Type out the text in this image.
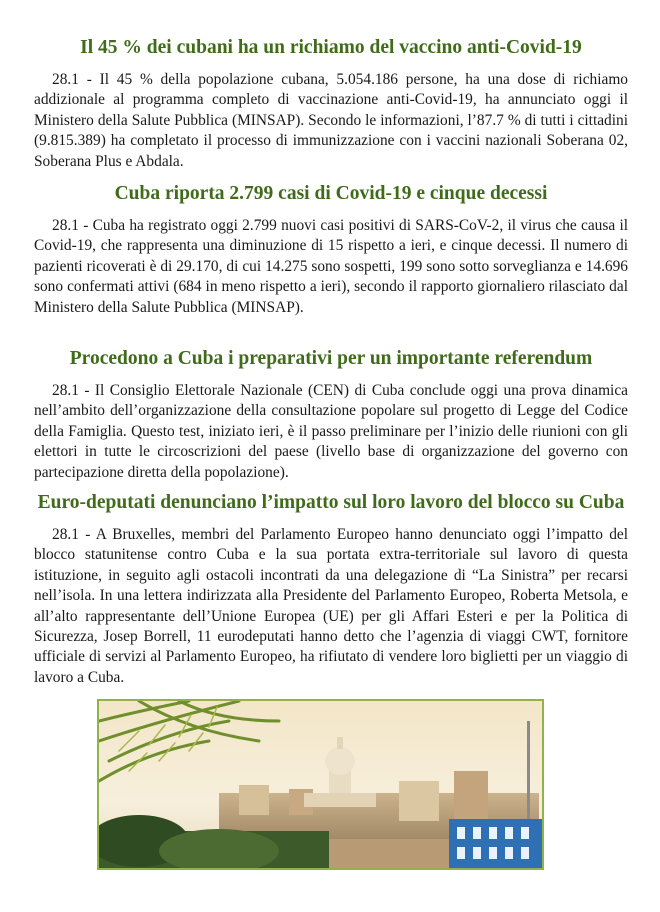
Il 45 % dei cubani ha un richiamo del vaccino anti-Covid-19

28.1 - Il 45 % della popolazione cubana, 5.054.186 persone, ha una dose di richiamo addizionale al programma completo di vaccinazione anti-Covid-19, ha annunciato oggi il Ministero della Salute Pubblica (MINSAP). Secondo le informazioni, l’87.7 % di tutti i cittadini (9.815.389) ha completato il processo di immunizzazione con i vaccini nazionali Soberana 02, Soberana Plus e Abdala.

Cuba riporta 2.799 casi di Covid-19 e cinque decessi

28.1 - Cuba ha registrato oggi 2.799 nuovi casi positivi di SARS-CoV-2, il virus che causa il Covid-19, che rappresenta una diminuzione di 15 rispetto a ieri, e cinque decessi. Il numero di pazienti ricoverati è di 29.170, di cui 14.275 sono sospetti, 199 sono sotto sorveglianza e 14.696 sono confermati attivi (684 in meno rispetto a ieri), secondo il rapporto giornaliero rilasciato dal Ministero della Salute Pubblica (MINSAP).

Procedono a Cuba i preparativi per un importante referendum

28.1 - Il Consiglio Elettorale Nazionale (CEN) di Cuba conclude oggi una prova dinamica nell’ambito dell’organizzazione della consultazione popolare sul progetto di Legge del Codice della Famiglia. Questo test, iniziato ieri, è il passo preliminare per l’inizio delle riunioni con gli elettori in tutte le circoscrizioni del paese (livello base di organizzazione del governo con partecipazione diretta della popolazione).

Euro-deputati denunciano l’impatto sul loro lavoro del blocco su Cuba

28.1 - A Bruxelles, membri del Parlamento Europeo hanno denunciato oggi l’impatto del blocco statunitense contro Cuba e la sua portata extra-territoriale sul lavoro di questa istituzione, in seguito agli ostacoli incontrati da una delegazione di “La Sinistra” per recarsi nell’isola. In una lettera indirizzata alla Presidente del Parlamento Europeo, Roberta Metsola, e all’alto rappresentante dell’Unione Europea (UE) per gli Affari Esteri e per la Politica di Sicurezza, Josep Borrell, 11 eurodeputati hanno detto che l’agenzia di viaggi CWT, fornitore ufficiale di servizi al Parlamento Europeo, ha rifiutato di vendere loro biglietti per un viaggio di lavoro a Cuba.
